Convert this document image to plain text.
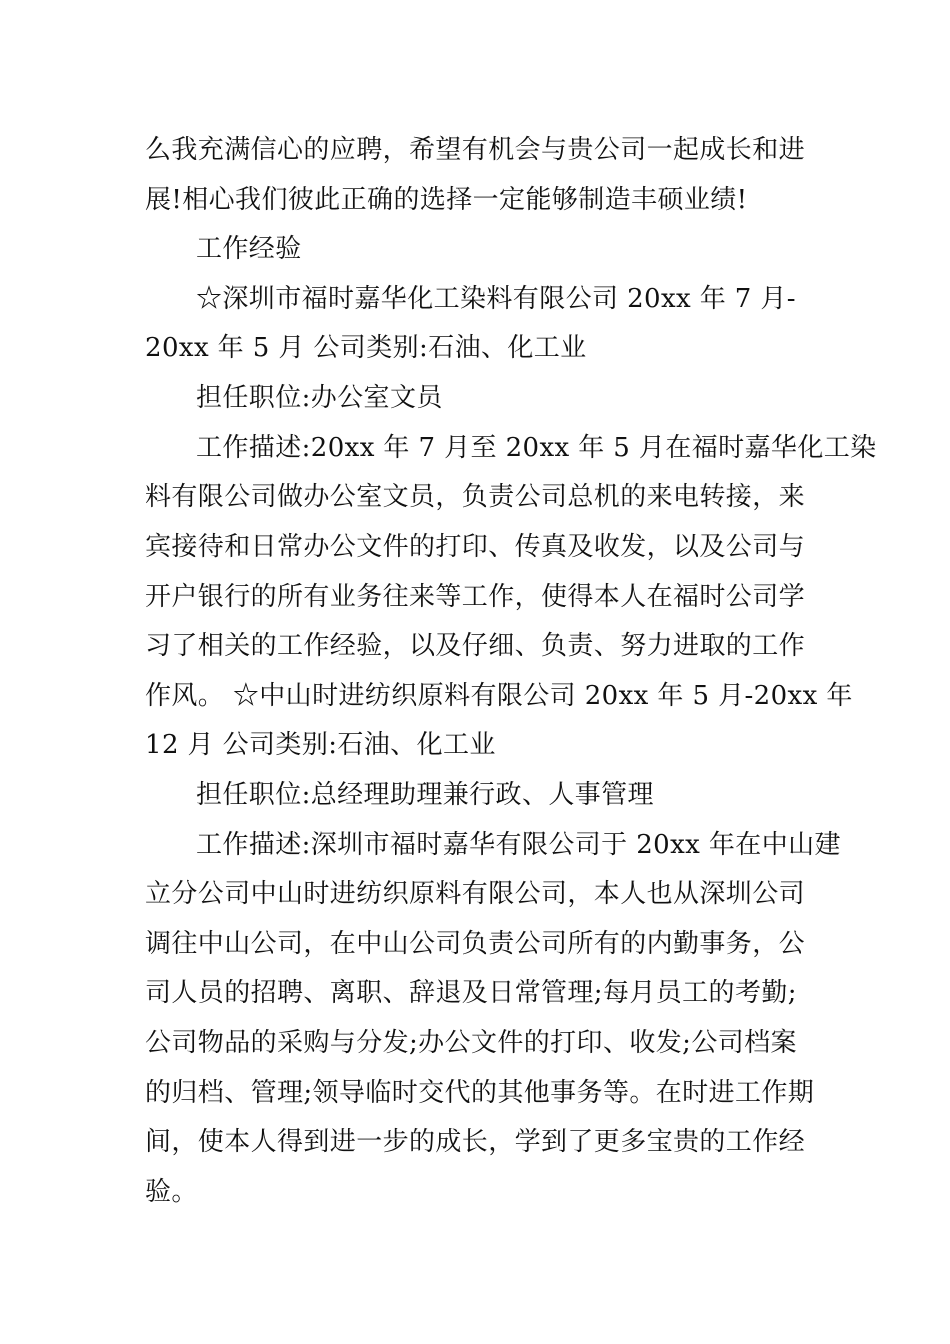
么我充满信心的应聘，希望有机会与贵公司一起成长和进
展!相心我们彼此正确的选择一定能够制造丰硕业绩!
工作经验
☆深圳市福时嘉华化工染料有限公司 20xx 年 7 月-
20xx 年 5 月 公司类别:石油、化工业
担任职位:办公室文员
工作描述:20xx 年 7 月至 20xx 年 5 月在福时嘉华化工染
料有限公司做办公室文员，负责公司总机的来电转接，来
宾接待和日常办公文件的打印、传真及收发，以及公司与
开户银行的所有业务往来等工作，使得本人在福时公司学
习了相关的工作经验，以及仔细、负责、努力进取的工作
作风。 ☆中山时进纺织原料有限公司 20xx 年 5 月-20xx 年
12 月 公司类别:石油、化工业
担任职位:总经理助理兼行政、人事管理
工作描述:深圳市福时嘉华有限公司于 20xx 年在中山建
立分公司中山时进纺织原料有限公司，本人也从深圳公司
调往中山公司，在中山公司负责公司所有的内勤事务，公
司人员的招聘、离职、辞退及日常管理;每月员工的考勤;
公司物品的采购与分发;办公文件的打印、收发;公司档案
的归档、管理;领导临时交代的其他事务等。在时进工作期
间，使本人得到进一步的成长，学到了更多宝贵的工作经
验。
